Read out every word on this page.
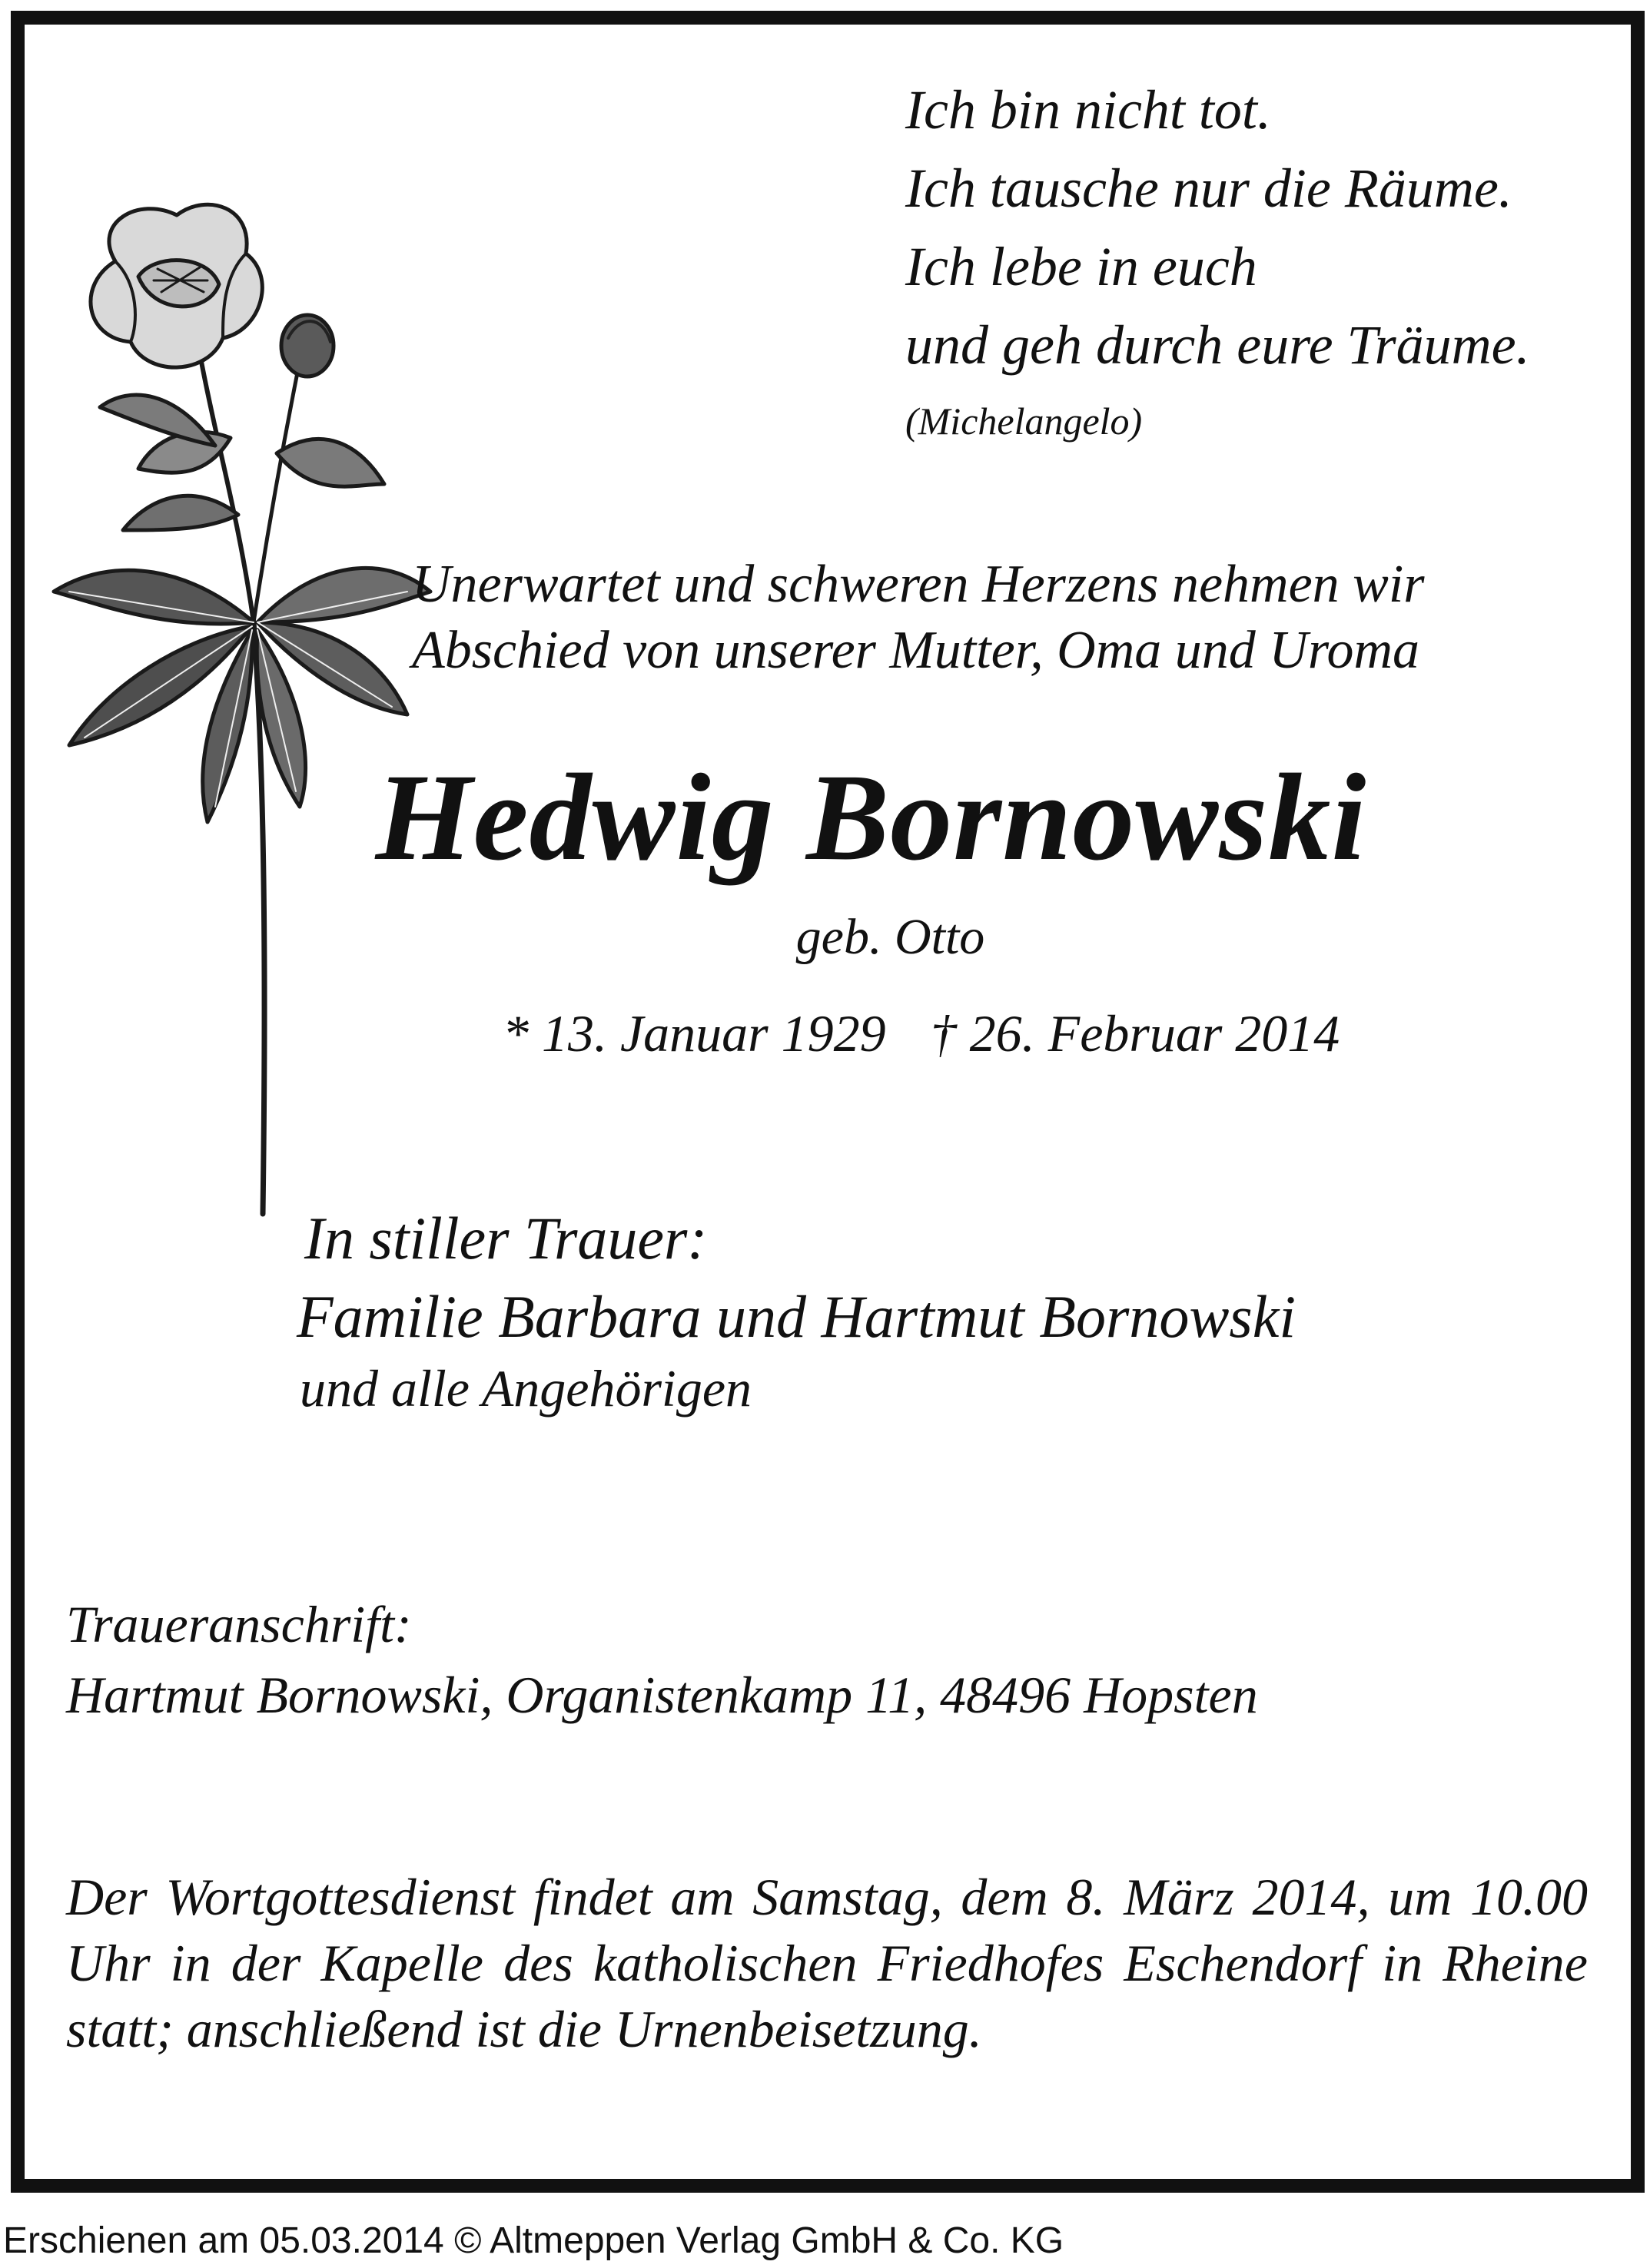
Ich bin nicht tot.
Ich tausche nur die Räume.
Ich lebe in euch
und geh durch eure Träume.
(Michelangelo)
Unerwartet und schweren Herzens nehmen wir
Abschied von unserer Mutter, Oma und Uroma
Hedwig Bornowski
geb. Otto
* 13. Januar 1929 † 26. Februar 2014
In stiller Trauer:
Familie Barbara und Hartmut Bornowski
und alle Angehörigen
Traueranschrift:
Hartmut Bornowski, Organistenkamp 11, 48496 Hopsten
Der Wortgottesdienst findet am Samstag, dem 8. März 2014, um 10.00 Uhr in der Kapelle des katholischen Friedhofes Eschendorf in Rheine statt; anschließend ist die Urnenbeisetzung.
Erschienen am 05.03.2014 © Altmeppen Verlag GmbH & Co. KG
